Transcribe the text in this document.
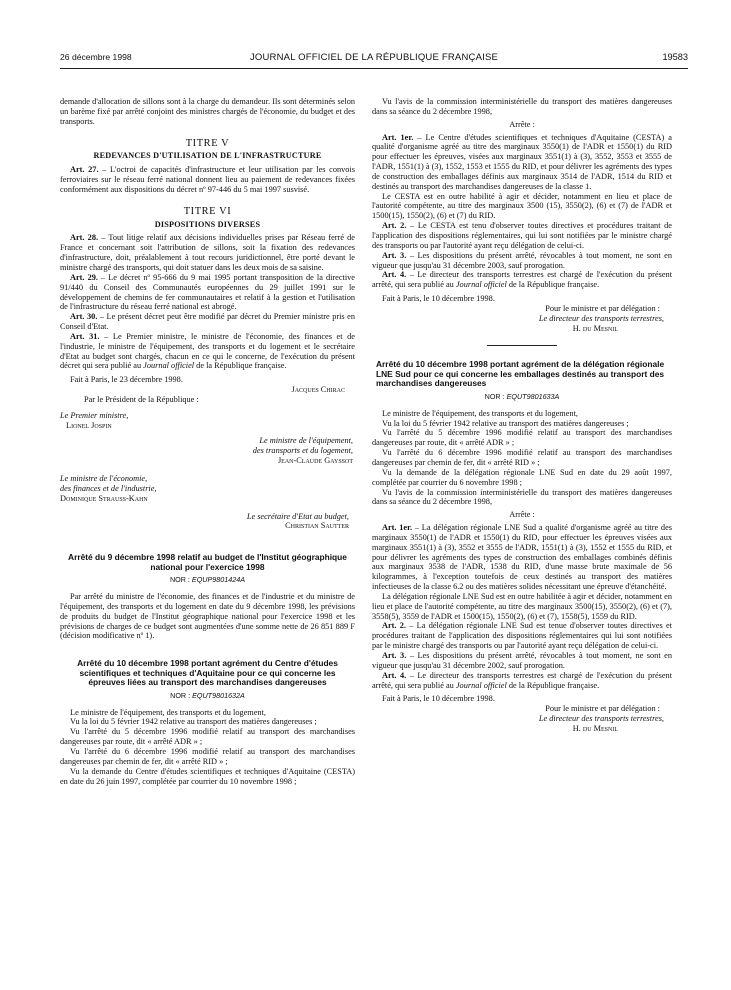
26 décembre 1998	JOURNAL OFFICIEL DE LA RÉPUBLIQUE FRANÇAISE	19583

demande d'allocation de sillons sont à la charge du demandeur. Ils sont déterminés selon un barème fixé par arrêté conjoint des ministres chargés de l'économie, du budget et des transports.

TITRE V
REDEVANCES D'UTILISATION DE L'INFRASTRUCTURE

Art. 27. – L'octroi de capacités d'infrastructure et leur utilisation par les convois ferroviaires sur le réseau ferré national donnent lieu au paiement de redevances fixées conformément aux dispositions du décret nº 97-446 du 5 mai 1997 susvisé.

TITRE VI
DISPOSITIONS DIVERSES

Art. 28. – Tout litige relatif aux décisions individuelles prises par Réseau ferré de France et concernant soit l'attribution de sillons, soit la fixation des redevances d'infrastructure, doit, préalablement à tout recours juridictionnel, être porté devant le ministre chargé des transports, qui doit statuer dans les deux mois de sa saisine.

Art. 29. – Le décret nº 95-666 du 9 mai 1995 portant transposition de la directive 91/440 du Conseil des Communautés européennes du 29 juillet 1991 sur le développement de chemins de fer communautaires et relatif à la gestion et l'utilisation de l'infrastructure du réseau ferré national est abrogé.

Art. 30. – Le présent décret peut être modifié par décret du Premier ministre pris en Conseil d'Etat.

Art. 31. – Le Premier ministre, le ministre de l'économie, des finances et de l'industrie, le ministre de l'équipement, des transports et du logement et le secrétaire d'Etat au budget sont chargés, chacun en ce qui le concerne, de l'exécution du présent décret qui sera publié au Journal officiel de la République française.

Fait à Paris, le 23 décembre 1998.

Jacques Chirac
Par le Président de la République :
Le Premier ministre,
Lionel Jospin
Le ministre de l'équipement,
des transports et du logement,
Jean-Claude Gayssot
Le ministre de l'économie,
des finances et de l'industrie,
Dominique Strauss-Kahn
Le secrétaire d'Etat au budget,
Christian Sautter
Arrêté du 9 décembre 1998 relatif au budget de l'Institut géographique national pour l'exercice 1998
NOR : EQUP9801424A

Par arrêté du ministre de l'économie, des finances et de l'industrie et du ministre de l'équipement, des transports et du logement en date du 9 décembre 1998, les prévisions de produits du budget de l'Institut géographique national pour l'exercice 1998 et les prévisions de charges de ce budget sont augmentées d'une somme nette de 26 851 889 F (décision modificative nº 1).

Arrêté du 10 décembre 1998 portant agrément du Centre d'études scientifiques et techniques d'Aquitaine pour ce qui concerne les épreuves liées au transport des marchandises dangereuses
NOR : EQUT9801632A

Le ministre de l'équipement, des transports et du logement,

Vu la loi du 5 février 1942 relative au transport des matières dangereuses ;

Vu l'arrêté du 5 décembre 1996 modifié relatif au transport des marchandises dangereuses par route, dit « arrêté ADR » ;

Vu l'arrêté du 6 décembre 1996 modifié relatif au transport des marchandises dangereuses par chemin de fer, dit « arrêté RID » ;

Vu la demande du Centre d'études scientifiques et techniques d'Aquitaine (CESTA) en date du 26 juin 1997, complétée par courrier du 10 novembre 1998 ;

Vu l'avis de la commission interministérielle du transport des matières dangereuses dans sa séance du 2 décembre 1998,

Arrête :

Art. 1er. – Le Centre d'études scientifiques et techniques d'Aquitaine (CESTA) a qualité d'organisme agréé au titre des marginaux 3550(1) de l'ADR et 1550(1) du RID pour effectuer les épreuves, visées aux marginaux 3551(1) à (3), 3552, 3553 et 3555 de l'ADR, 1551(1) à (3), 1552, 1553 et 1555 du RID, et pour délivrer les agréments des types de construction des emballages définis aux marginaux 3514 de l'ADR, 1514 du RID et destinés au transport des marchandises dangereuses de la classe 1.

Le CESTA est en outre habilité à agir et décider, notamment en lieu et place de l'autorité compétente, au titre des marginaux 3500 (15), 3550(2), (6) et (7) de l'ADR et 1500(15), 1550(2), (6) et (7) du RID.

Art. 2. – Le CESTA est tenu d'observer toutes directives et procédures traitant de l'application des dispositions réglementaires, qui lui sont notifiées par le ministre chargé des transports ou par l'autorité ayant reçu délégation de celui-ci.

Art. 3. – Les dispositions du présent arrêté, révocables à tout moment, ne sont en vigueur que jusqu'au 31 décembre 2003, sauf prorogation.

Art. 4. – Le directeur des transports terrestres est chargé de l'exécution du présent arrêté, qui sera publié au Journal officiel de la République française.

Fait à Paris, le 10 décembre 1998.

Pour le ministre et par délégation :
Le directeur des transports terrestres,
H. du Mesnil
Arrêté du 10 décembre 1998 portant agrément de la délégation régionale LNE Sud pour ce qui concerne les emballages destinés au transport des marchandises dangereuses
NOR : EQUT9801633A

Le ministre de l'équipement, des transports et du logement,

Vu la loi du 5 février 1942 relative au transport des matières dangereuses ;

Vu l'arrêté du 5 décembre 1996 modifié relatif au transport des marchandises dangereuses par route, dit « arrêté ADR » ;

Vu l'arrêté du 6 décembre 1996 modifié relatif au transport des marchandises dangereuses par chemin de fer, dit « arrêté RID » ;

Vu la demande de la délégation régionale LNE Sud en date du 29 août 1997, complétée par courrier du 6 novembre 1998 ;

Vu l'avis de la commission interministérielle du transport des matières dangereuses dans sa séance du 2 décembre 1998,

Arrête :

Art. 1er. – La délégation régionale LNE Sud a qualité d'organisme agréé au titre des marginaux 3550(1) de l'ADR et 1550(1) du RID, pour effectuer les épreuves visées aux marginaux 3551(1) à (3), 3552 et 3555 de l'ADR, 1551(1) à (3), 1552 et 1555 du RID, et pour délivrer les agréments des types de construction des emballages combinés définis aux marginaux 3538 de l'ADR, 1538 du RID, d'une masse brute maximale de 56 kilogrammes, à l'exception toutefois de ceux destinés au transport des matières infectieuses de la classe 6.2 ou des matières solides nécessitant une épreuve d'étanchéité.

La délégation régionale LNE Sud est en outre habilitée à agir et décider, notamment en lieu et place de l'autorité compétente, au titre des marginaux 3500(15), 3550(2), (6) et (7), 3558(5), 3559 de l'ADR et 1500(15), 1550(2), (6) et (7), 1558(5), 1559 du RID.

Art. 2. – La délégation régionale LNE Sud est tenue d'observer toutes directives et procédures traitant de l'application des dispositions réglementaires qui lui sont notifiées par le ministre chargé des transports ou par l'autorité ayant reçu délégation de celui-ci.

Art. 3. – Les dispositions du présent arrêté, révocables à tout moment, ne sont en vigueur que jusqu'au 31 décembre 2002, sauf prorogation.

Art. 4. – Le directeur des transports terrestres est chargé de l'exécution du présent arrêté, qui sera publié au Journal officiel de la République française.

Fait à Paris, le 10 décembre 1998.

Pour le ministre et par délégation :
Le directeur des transports terrestres,
H. du Mesnil
